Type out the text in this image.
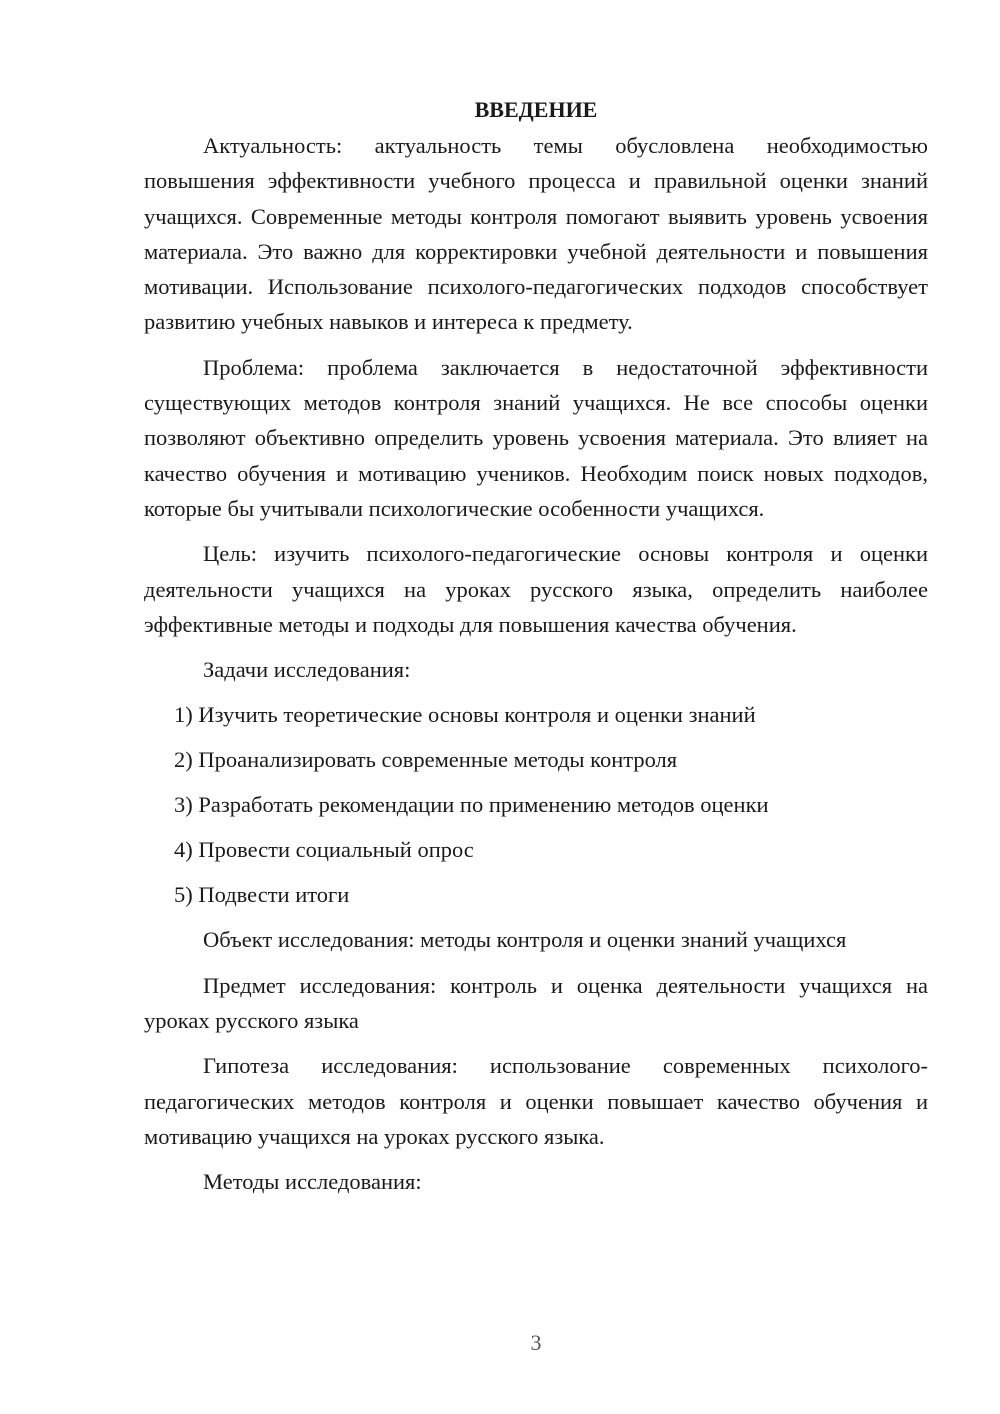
ВВЕДЕНИЕ

Актуальность: актуальность темы обусловлена необходимостью повышения эффективности учебного процесса и правильной оценки знаний учащихся. Современные методы контроля помогают выявить уровень усвоения материала. Это важно для корректировки учебной деятельности и повышения мотивации. Использование психолого-педагогических подходов способствует развитию учебных навыков и интереса к предмету.

Проблема: проблема заключается в недостаточной эффективности существующих методов контроля знаний учащихся. Не все способы оценки позволяют объективно определить уровень усвоения материала. Это влияет на качество обучения и мотивацию учеников. Необходим поиск новых подходов, которые бы учитывали психологические особенности учащихся.

Цель: изучить психолого-педагогические основы контроля и оценки деятельности учащихся на уроках русского языка, определить наиболее эффективные методы и подходы для повышения качества обучения.

Задачи исследования:

1) Изучить теоретические основы контроля и оценки знаний

2) Проанализировать современные методы контроля

3) Разработать рекомендации по применению методов оценки

4) Провести социальный опрос

5) Подвести итоги

Объект исследования: методы контроля и оценки знаний учащихся

Предмет исследования: контроль и оценка деятельности учащихся на уроках русского языка

Гипотеза исследования: использование современных психолого-педагогических методов контроля и оценки повышает качество обучения и мотивацию учащихся на уроках русского языка.

Методы исследования:

3
